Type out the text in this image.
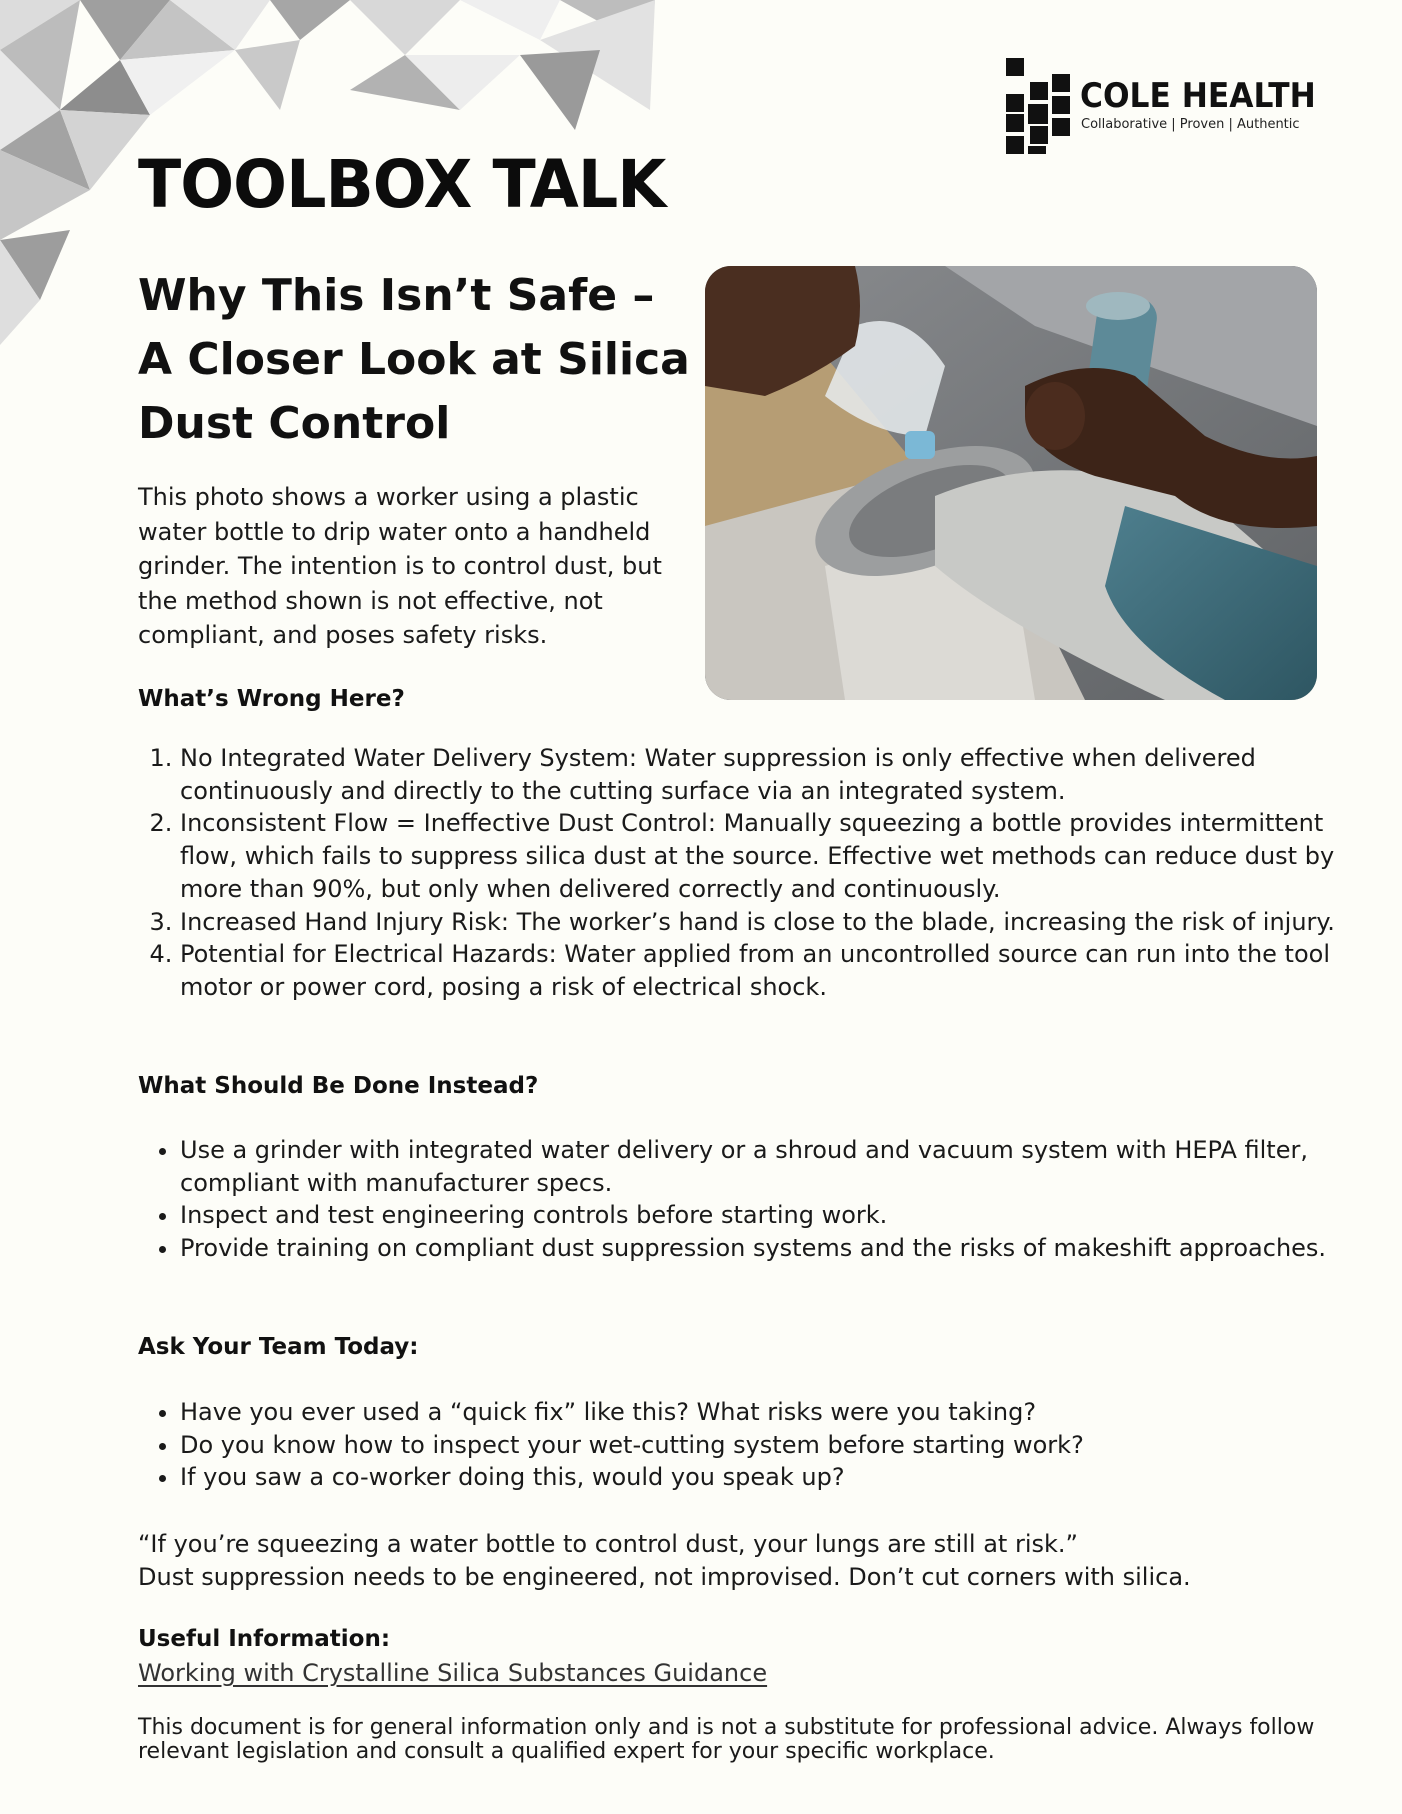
COLE HEALTH
Collaborative | Proven | Authentic
TOOLBOX TALK
Why This Isn’t Safe – A Closer Look at Silica Dust Control

This photo shows a worker using a plastic water bottle to drip water onto a handheld grinder. The intention is to control dust, but the method shown is not effective, not compliant, and poses safety risks.

What’s Wrong Here?
1. No Integrated Water Delivery System: Water suppression is only effective when delivered continuously and directly to the cutting surface via an integrated system.
2. Inconsistent Flow = Ineffective Dust Control: Manually squeezing a bottle provides intermittent flow, which fails to suppress silica dust at the source. Effective wet methods can reduce dust by more than 90%, but only when delivered correctly and continuously.
3. Increased Hand Injury Risk: The worker’s hand is close to the blade, increasing the risk of injury.
4. Potential for Electrical Hazards: Water applied from an uncontrolled source can run into the tool motor or power cord, posing a risk of electrical shock.
What Should Be Done Instead?
• Use a grinder with integrated water delivery or a shroud and vacuum system with HEPA filter, compliant with manufacturer specs.
• Inspect and test engineering controls before starting work.
• Provide training on compliant dust suppression systems and the risks of makeshift approaches.
Ask Your Team Today:
• Have you ever used a “quick fix” like this? What risks were you taking?
• Do you know how to inspect your wet-cutting system before starting work?
• If you saw a co-worker doing this, would you speak up?
“If you’re squeezing a water bottle to control dust, your lungs are still at risk.”
Dust suppression needs to be engineered, not improvised. Don’t cut corners with silica.
Useful Information:
Working with Crystalline Silica Substances Guidance

This document is for general information only and is not a substitute for professional advice. Always follow relevant legislation and consult a qualified expert for your specific workplace.
